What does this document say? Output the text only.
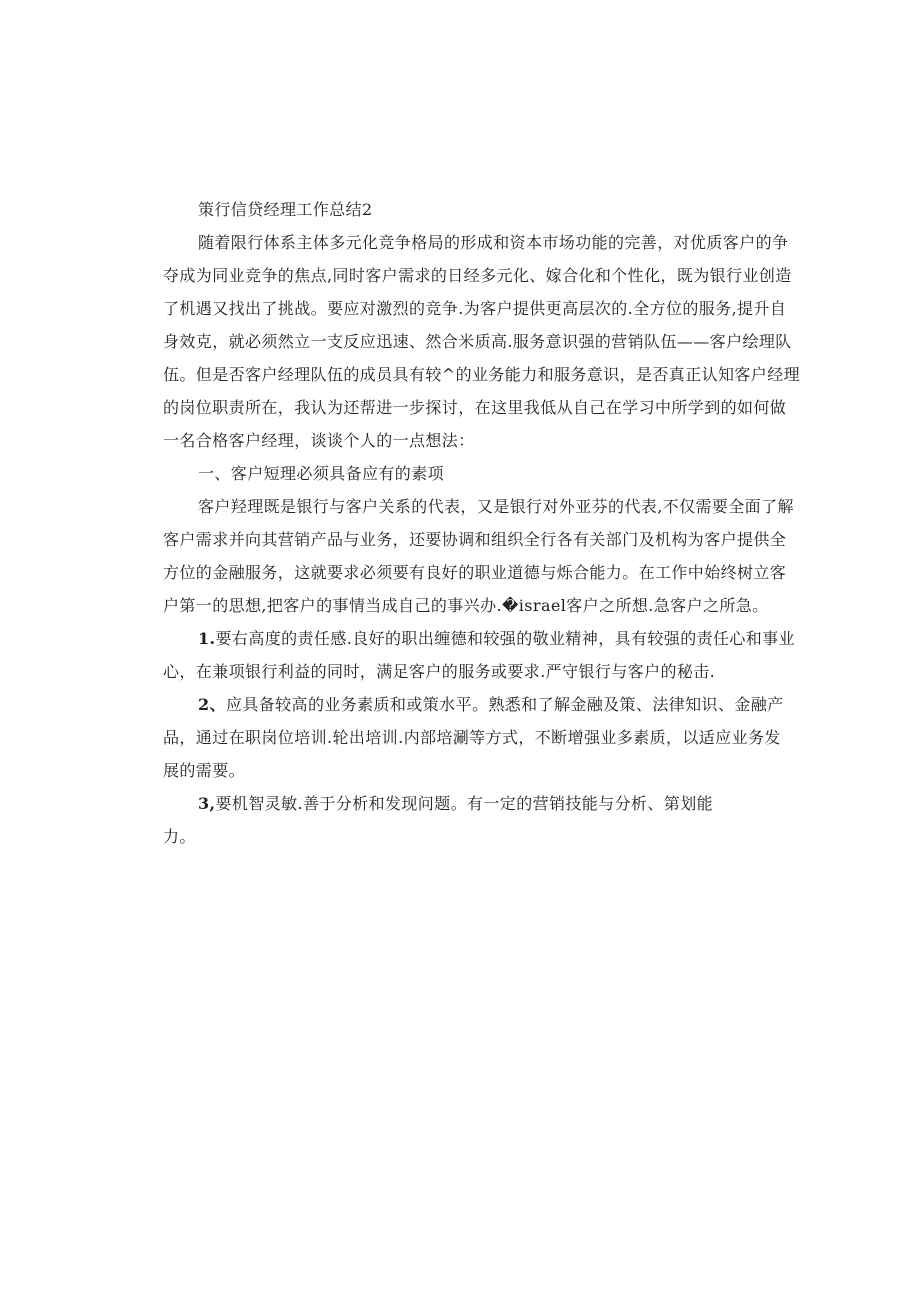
策行信贷经理工作总结2

随着限行体系主体多元化竞争格局的形成和资本市场功能的完善，对优质客户的争

夺成为同业竞争的焦点,同时客户需求的日经多元化、嫁合化和个性化，既为银行业创造

了机遇又找出了挑战。要应对激烈的竞争.为客户提供更高层次的.全方位的服务,提升自

身效克，就必须然立一支反应迅速、然合米质高.服务意识强的营销队伍——客户绘理队

伍。但是否客户经理队伍的成员具有较^的业务能力和服务意识，是否真正认知客户经理

的岗位职责所在，我认为还帮进一步探讨，在这里我低从自己在学习中所学到的如何做

一名合格客户经理，谈谈个人的一点想法：

一、客户短理必须具备应有的素项

客户羟理既是银行与客户关系的代表，又是银行对外亚芬的代表,不仅需要全面了解

客户需求并向其营销产品与业务，还要协调和组织全行各有关部门及机构为客户提供全

方位的金融服务，这就要求必须要有良好的职业道德与烁合能力。在工作中始终树立客

户第一的思想,把客户的事情当成自己的事兴办.�israel客户之所想.急客户之所急。

1.要右高度的责任感.良好的职出缠德和较强的敬业精神，具有较强的责任心和事业

心，在兼项银行利益的同时，满足客户的服务或要求.严守银行与客户的秘击.

2、应具备较高的业务素质和或策水平。熟悉和了解金融及策、法律知识、金融产

品，通过在职岗位培训.轮出培训.内部培涮等方式，不断增强业多素质，以适应业务发

展的需要。

3,要机智灵敏.善于分析和发现问题。有一定的营销技能与分析、第划能

力。
